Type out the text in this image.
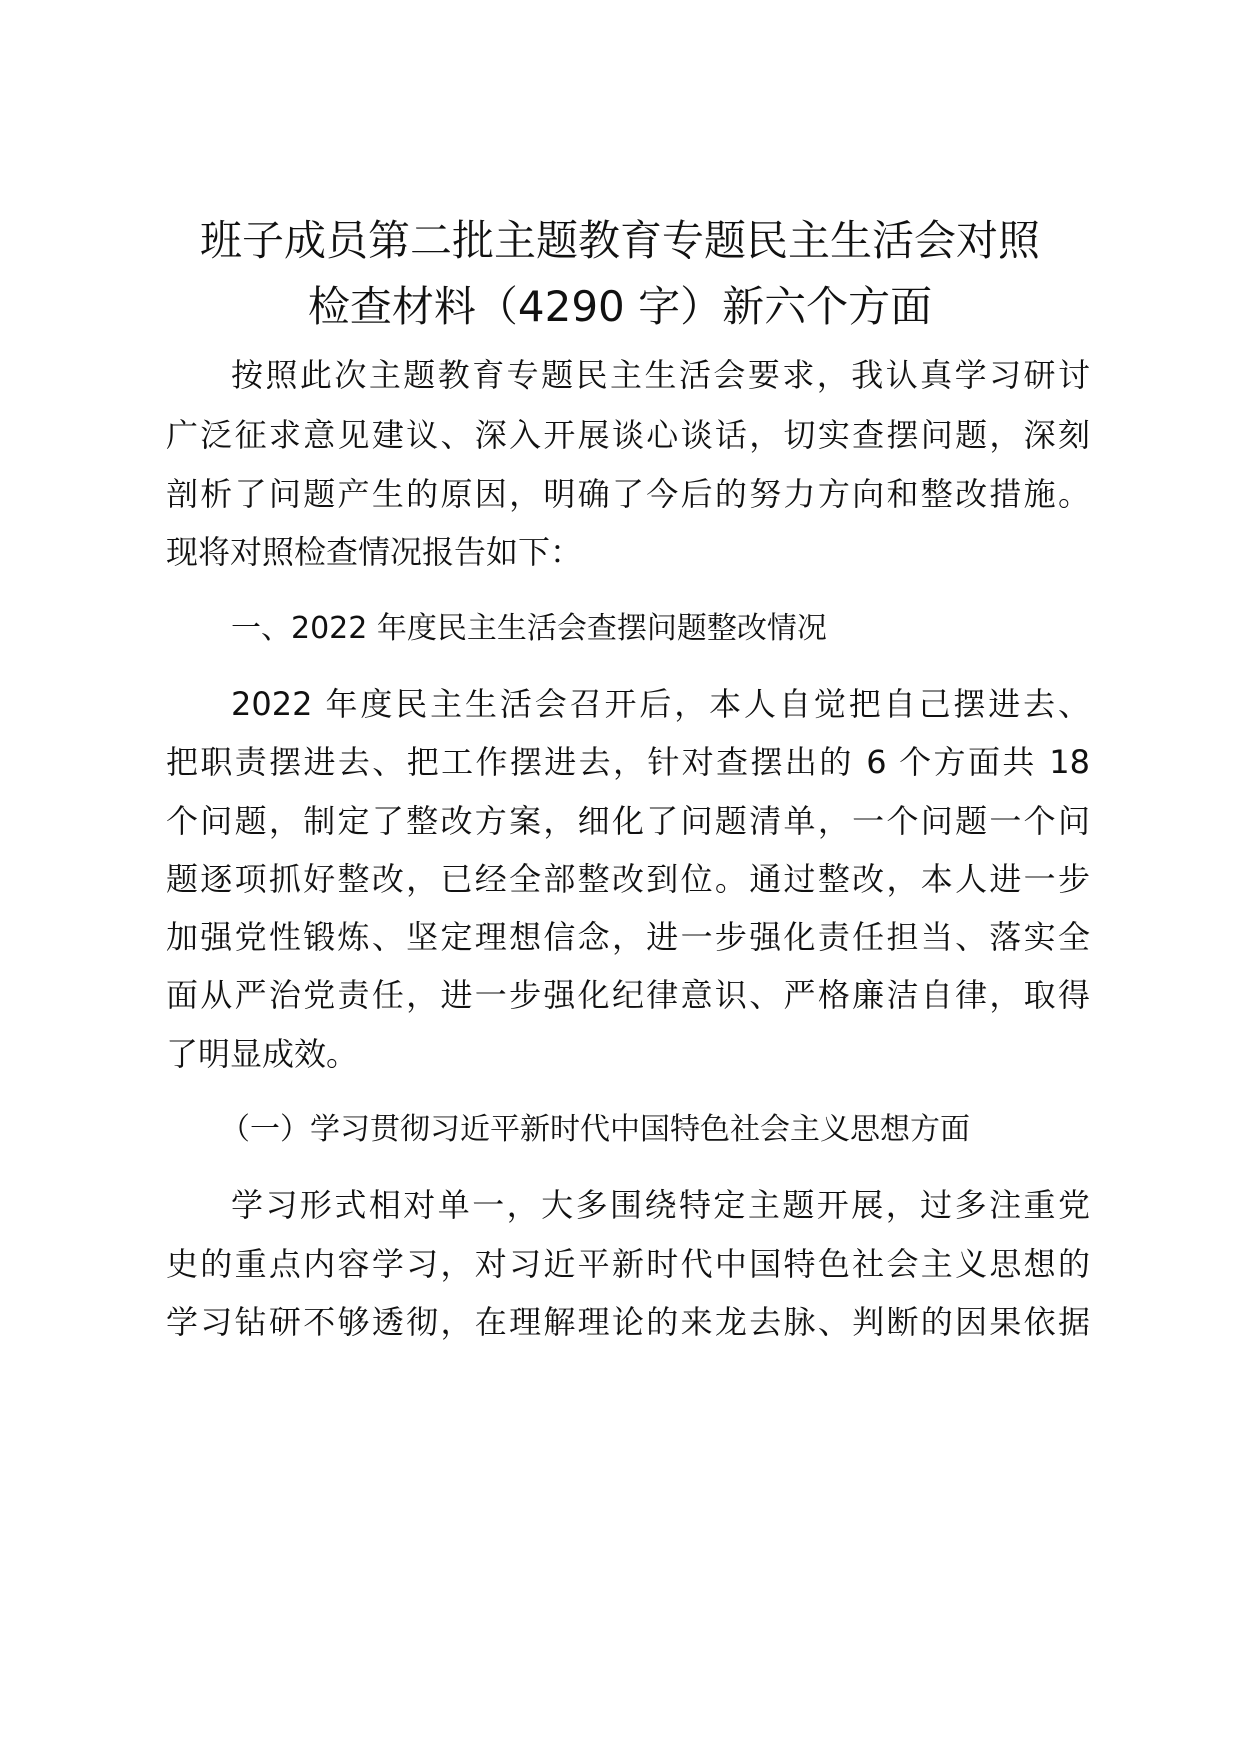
班子成员第二批主题教育专题民主生活会对照
检查材料（4290 字）新六个方面

按照此次主题教育专题民主生活会要求，我认真学习研讨

广泛征求意见建议、深入开展谈心谈话，切实查摆问题，深刻

剖析了问题产生的原因，明确了今后的努力方向和整改措施。

现将对照检查情况报告如下：

一、2022 年度民主生活会查摆问题整改情况

2022 年度民主生活会召开后，本人自觉把自己摆进去、

把职责摆进去、把工作摆进去，针对查摆出的 6 个方面共 18

个问题，制定了整改方案，细化了问题清单，一个问题一个问

题逐项抓好整改，已经全部整改到位。通过整改，本人进一步

加强党性锻炼、坚定理想信念，进一步强化责任担当、落实全

面从严治党责任，进一步强化纪律意识、严格廉洁自律，取得

了明显成效。

（一）学习贯彻习近平新时代中国特色社会主义思想方面

学习形式相对单一，大多围绕特定主题开展，过多注重党

史的重点内容学习，对习近平新时代中国特色社会主义思想的

学习钻研不够透彻，在理解理论的来龙去脉、判断的因果依据
